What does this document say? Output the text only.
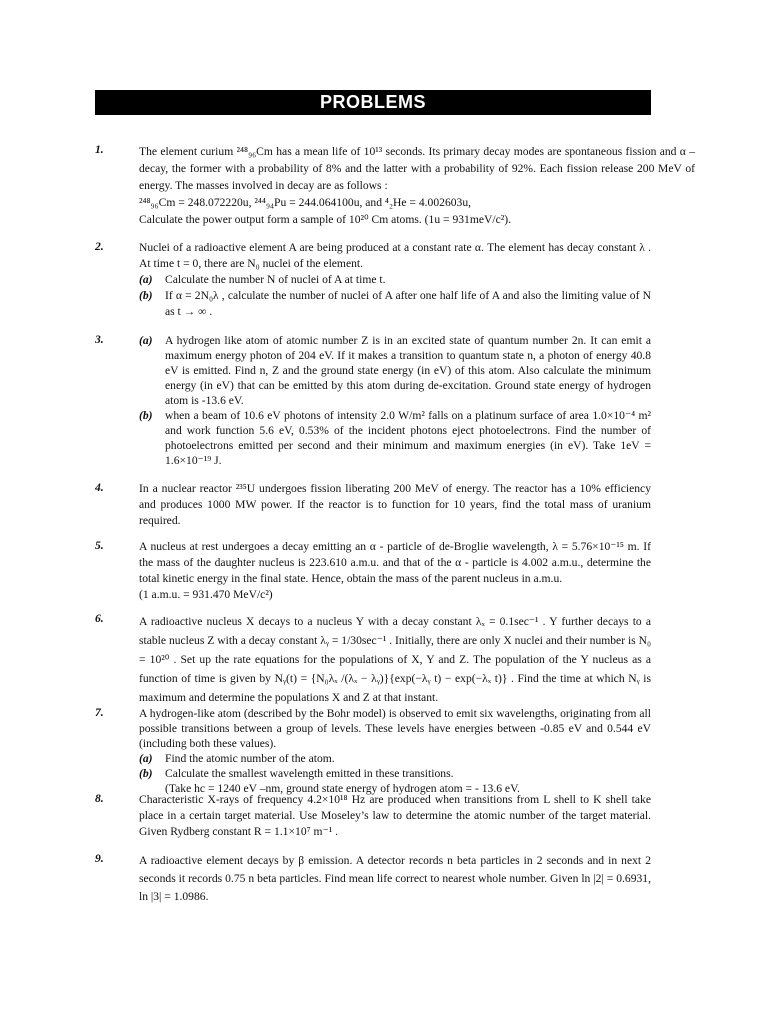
PROBLEMS
1.	The element curium ²⁴⁸₉₆Cm has a mean life of 10¹³ seconds. Its primary decay modes are spontaneous fission and α – decay, the former with a probability of 8% and the latter with a probability of 92%. Each fission release 200 MeV of energy. The masses involved in decay are as follows :

²⁴⁸₉₆Cm = 248.072220u, ²⁴⁴₉₄Pu = 244.064100u, and ⁴₂He = 4.002603u,

Calculate the power output form a sample of 10²⁰ Cm atoms. (1u = 931meV/c²).

2.	Nuclei of a radioactive element A are being produced at a constant rate α. The element has decay constant λ . At time t = 0, there are N₀ nuclei of the element.

(a)	Calculate the number N of nuclei of A at time t.
(b)	If α = 2N₀λ , calculate the number of nuclei of A after one half life of A and also the limiting value of N as t → ∞ .
3.	(a)	A hydrogen like atom of atomic number Z is in an excited state of quantum number 2n. It can emit a maximum energy photon of 204 eV. If it makes a transition to quantum state n, a photon of energy 40.8 eV is emitted. Find n, Z and the ground state energy (in eV) of this atom. Also calculate the minimum energy (in eV) that can be emitted by this atom during de-excitation. Ground state energy of hydrogen atom is -13.6 eV.
(b)	when a beam of 10.6 eV photons of intensity 2.0 W/m² falls on a platinum surface of area 1.0×10⁻⁴ m² and work function 5.6 eV, 0.53% of the incident photons eject photoelectrons. Find the number of photoelectrons emitted per second and their minimum and maximum energies (in eV). Take 1eV = 1.6×10⁻¹⁹ J.
4.	In a nuclear reactor ²³⁵U undergoes fission liberating 200 MeV of energy. The reactor has a 10% efficiency and produces 1000 MW power. If the reactor is to function for 10 years, find the total mass of uranium required.

5.	A nucleus at rest undergoes a decay emitting an α - particle of de-Broglie wavelength, λ = 5.76×10⁻¹⁵ m. If the mass of the daughter nucleus is 223.610 a.m.u. and that of the α - particle is 4.002 a.m.u., determine the total kinetic energy in the final state. Hence, obtain the mass of the parent nucleus in a.m.u.

(1 a.m.u. = 931.470 MeV/c²)

6.	A radioactive nucleus X decays to a nucleus Y with a decay constant λₓ = 0.1sec⁻¹ . Y further decays to a stable nucleus Z with a decay constant λᵧ = 1/30sec⁻¹ . Initially, there are only X nuclei and their number is N₀ = 10²⁰ . Set up the rate equations for the populations of X, Y and Z. The population of the Y nucleus as a function of time is given by Nᵧ(t) = {N₀λₓ /(λₓ − λᵧ)}{exp(−λᵧ t) − exp(−λₓ t)} . Find the time at which Nᵧ is maximum and determine the populations X and Z at that instant.

7.	A hydrogen-like atom (described by the Bohr model) is observed to emit six wavelengths, originating from all possible transitions between a group of levels. These levels have energies between -0.85 eV and 0.544 eV (including both these values).

(a)	Find the atomic number of the atom.
(b)	Calculate the smallest wavelength emitted in these transitions.
(Take hc = 1240 eV –nm, ground state energy of hydrogen atom = - 13.6 eV.
8.	Characteristic X-rays of frequency 4.2×10¹⁸ Hz are produced when transitions from L shell to K shell take place in a certain target material. Use Moseley’s law to determine the atomic number of the target material. Given Rydberg constant R = 1.1×10⁷ m⁻¹ .

9.	A radioactive element decays by β emission. A detector records n beta particles in 2 seconds and in next 2 seconds it records 0.75 n beta particles. Find mean life correct to nearest whole number. Given ln |2| = 0.6931, ln |3| = 1.0986.
